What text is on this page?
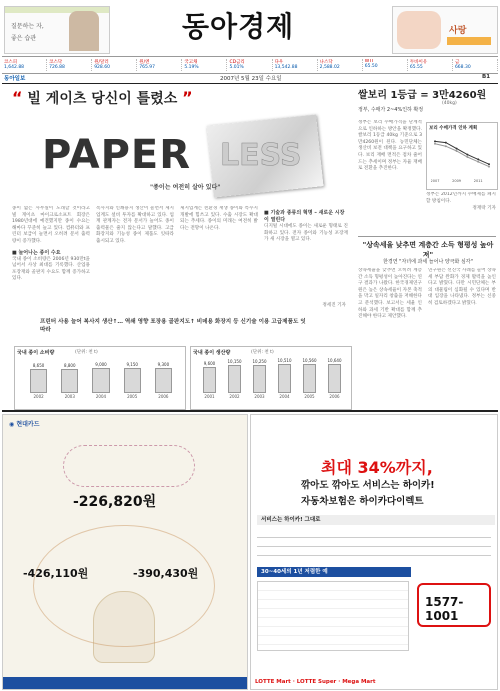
질문하는 자,
좋은 습관
사랑
동아경제
코스피
1,642.88
코스닥
726.88
원/달러
928.60
원/엔
765.97
국고채
5.19%
CD금리
5.01%
다우
13,542.88
나스닥
2,588.02
WTI
65.50
두바이유
65.55
금
668.30
동아일보	2007년 5월 23일 수요일	B1
“ 빌 게이츠 당신이 틀렸소 ”
PAPER LESS
"종이는 여전히 살아 있다"

종이 없는 사무실이 도래할 것이라고 빌 게이츠 마이크로소프트 회장은 1980년대에 예견했지만 종이 수요는 해마다 꾸준히 늘고 있다. 컴퓨터와 프린터 보급이 늘면서 오히려 문서 출력량이 증가했다.

■ 늘어나는 종이 수요

국내 종이 소비량은 2006년 930만t을 넘어서 사상 최대를 기록했다. 산업용 포장재와 골판지 수요도 함께 증가하고 있다.

복사지와 인쇄용지 생산이 늘면서 제지업계도 설비 투자를 확대하고 있다. 업계 관계자는 전자 문서가 늘어도 종이 출력물은 줄지 않는다고 말했다. 고급 화장지와 기능성 종이 제품도 잇따라 출시되고 있다.

제지업계는 친환경 재생 종이와 특수지 개발에 힘쓰고 있다. 수출 시장도 확대되는 추세다. 종이의 미래는 여전히 밝다는 전망이 나온다.

■ 기술과 종류의 혁명 – 새로운 시장이 열린다

디지털 시대에도 종이는 새로운 형태로 진화하고 있다. 전자 종이와 기능성 포장재가 새 시장을 열고 있다.

정세진 기자
프린터 사용 늘어 복사지 생산↑… 역쇄 영향 포장용 골판지도↑ 비데용 화장지 등 신기술 이용 고급제품도 잇따라
국내 종이 소비량	(단위: 천 t)
8,650
2002
8,800
2003
9,000
2004
9,150
2005
9,300
2006
국내 종이 생산량	(단위: 천 t)
9,600
2001
10,150
2002
10,250
2003
10,510
2004
10,560
2005
10,640
2006
쌀보리 1등급 = 3만4260원
(40kg)
정부, 수매가 2~4%인하 확정

정부는 보리 수매가격을 단계적으로 인하하는 방안을 확정했다. 쌀보리 1등급 40kg 기준으로 3만4260원이 된다. 농민단체는 생산비 보전 대책을 요구하고 있다. 보리 재배 면적은 점차 줄어드는 추세이며 정부는 자율 재배로 전환을 추진한다.

보리 수매가격 인하 계획
2007	2009	2011

정부는 2012년까지 수매제를 폐지할 방침이다.

정재락 기자
"상속세율 낮추면 계층간 소득 형평성 높아져"
한경연 "자녀에 과세 늘어나 양극화 심각"

상속세율을 낮추면 오히려 계층 간 소득 형평성이 높아진다는 연구 결과가 나왔다. 한국경제연구원은 높은 상속세율이 자본 축적을 막고 일자리 창출을 저해한다고 분석했다. 보고서는 세율 인하와 과세 기반 확대를 함께 추진해야 한다고 제안했다.

연구원은 선진국 사례를 들어 상속세 부담 완화가 경제 활력을 높인다고 밝혔다. 다만 시민단체는 부의 대물림이 심화될 수 있다며 반대 입장을 나타냈다. 정부는 신중히 검토하겠다고 밝혔다.

◉ 현대카드
-226,820원
-426,110원	-390,430원
최대 34%까지,
깎아도 깎아도 서비스는 하이카!
자동차보험은 하이카다이렉트
서비스는 하이카! 그대로
30~40세의 1년 저렴한 예
1577-1001
LOTTE Mart · LOTTE Super · Mega Mart
